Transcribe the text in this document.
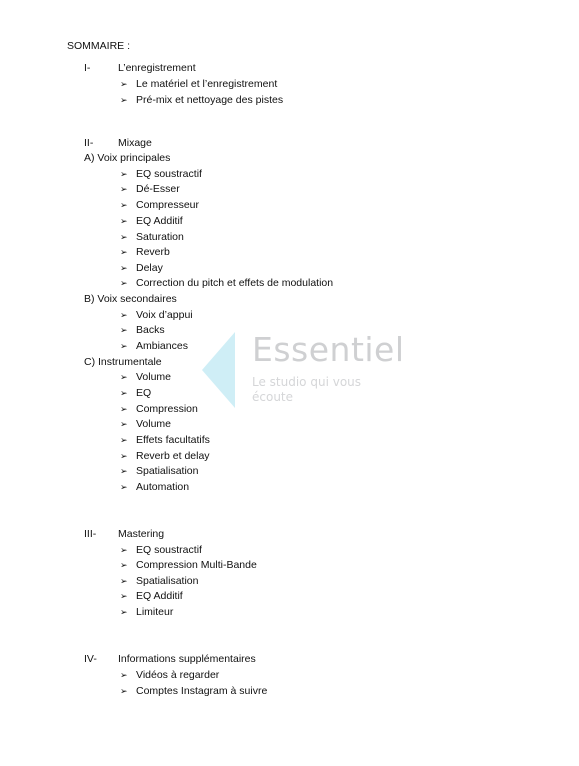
SOMMAIRE :
I-	L’enregistrement
➢ Le matériel et l’enregistrement
➢ Pré-mix et nettoyage des pistes
II- Mixage
A) Voix principales
➢ EQ soustractif
➢ Dé-Esser
➢ Compresseur
➢ EQ Additif
➢ Saturation
➢ Reverb
➢ Delay
➢ Correction du pitch et effets de modulation
B) Voix secondaires
➢ Voix d’appui
➢ Backs
➢ Ambiances
C) Instrumentale
➢ Volume
➢ EQ
➢ Compression
➢ Volume
➢ Effets facultatifs
➢ Reverb et delay
➢ Spatialisation
➢ Automation
III- Mastering
➢ EQ soustractif
➢ Compression Multi-Bande
➢ Spatialisation
➢ EQ Additif
➢ Limiteur
IV- Informations supplémentaires
➢ Vidéos à regarder
➢ Comptes Instagram à suivre
Essentiel
Le studio qui vous écoute
